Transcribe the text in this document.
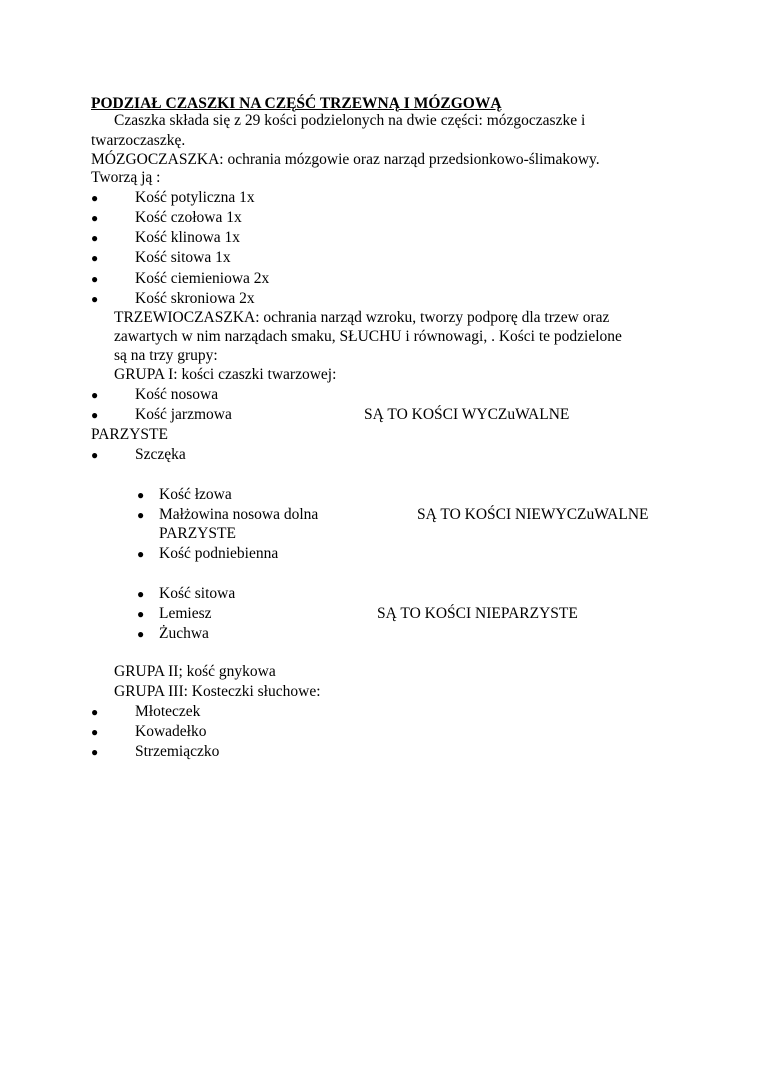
PODZIAŁ CZASZKI NA CZĘŚĆ TRZEWNĄ I MÓZGOWĄ
Czaszka składa się z 29 kości podzielonych na dwie części: mózgoczaszke i
twarzoczaszkę.
MÓZGOCZASZKA: ochrania mózgowie oraz narząd przedsionkowo-ślimakowy.
Tworzą ją :
● Kość potyliczna 1x
● Kość czołowa 1x
● Kość klinowa 1x
● Kość sitowa 1x
● Kość ciemieniowa 2x
● Kość skroniowa 2x
TRZEWIOCZASZKA: ochrania narząd wzroku, tworzy podporę dla trzew oraz
zawartych w nim narządach smaku, SŁUCHU i równowagi, . Kości te podzielone
są na trzy grupy:
GRUPA I: kości czaszki twarzowej:
● Kość nosowa
● Kość jarzmowa	SĄ TO KOŚCI WYCZuWALNE
PARZYSTE
● Szczęka
● Kość łzowa
● Małżowina nosowa dolna	SĄ TO KOŚCI NIEWYCZuWALNE
PARZYSTE
● Kość podniebienna
● Kość sitowa
● Lemiesz	SĄ TO KOŚCI NIEPARZYSTE
● Żuchwa
GRUPA II; kość gnykowa
GRUPA III: Kosteczki słuchowe:
● Młoteczek
● Kowadełko
● Strzemiączko
